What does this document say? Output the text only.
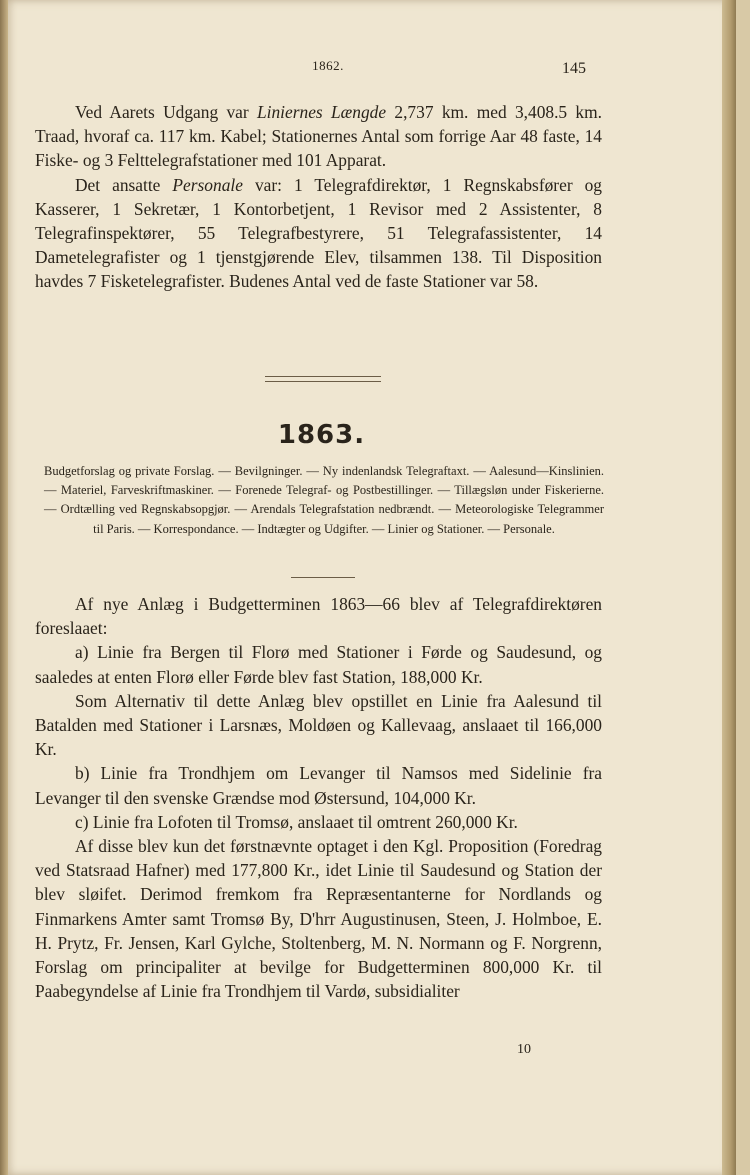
1862.	145

Ved Aarets Udgang var Liniernes Længde 2,737 km. med 3,408.5 km. Traad, hvoraf ca. 117 km. Kabel; Stationernes Antal som forrige Aar 48 faste, 14 Fiske- og 3 Felttelegrafstationer med 101 Apparat.

Det ansatte Personale var: 1 Telegrafdirektør, 1 Regnskabsfører og Kasserer, 1 Sekretær, 1 Kontorbetjent, 1 Revisor med 2 Assistenter, 8 Telegrafinspektører, 55 Telegrafbestyrere, 51 Telegrafassistenter, 14 Dametelegrafister og 1 tjenstgjørende Elev, tilsammen 138. Til Disposition havdes 7 Fisketelegrafister. Budenes Antal ved de faste Stationer var 58.

1863.
Budgetforslag og private Forslag. — Bevilgninger. — Ny indenlandsk Telegraftaxt. — Aalesund—Kinslinien. — Materiel, Farveskriftmaskiner. — Forenede Telegraf- og Postbestillinger. — Tillægsløn under Fiskerierne. — Ordtælling ved Regnskabsopgjør. — Arendals Telegrafstation nedbrændt. — Meteorologiske Telegrammer til Paris. — Korrespondance. — Indtægter og Udgifter. — Linier og Stationer. — Personale.

Af nye Anlæg i Budgetterminen 1863—66 blev af Telegrafdirektøren foreslaaet:

a) Linie fra Bergen til Florø med Stationer i Førde og Saudesund, og saaledes at enten Florø eller Førde blev fast Station, 188,000 Kr.

Som Alternativ til dette Anlæg blev opstillet en Linie fra Aalesund til Batalden med Stationer i Larsnæs, Moldøen og Kallevaag, anslaaet til 166,000 Kr.

b) Linie fra Trondhjem om Levanger til Namsos med Sidelinie fra Levanger til den svenske Grændse mod Østersund, 104,000 Kr.

c) Linie fra Lofoten til Tromsø, anslaaet til omtrent 260,000 Kr.

Af disse blev kun det førstnævnte optaget i den Kgl. Proposition (Foredrag ved Statsraad Hafner) med 177,800 Kr., idet Linie til Saudesund og Station der blev sløifet. Derimod fremkom fra Repræsentanterne for Nordlands og Finmarkens Amter samt Tromsø By, D'hrr Augustinusen, Steen, J. Holmboe, E. H. Prytz, Fr. Jensen, Karl Gylche, Stoltenberg, M. N. Normann og F. Norgrenn, Forslag om principaliter at bevilge for Budgetterminen 800,000 Kr. til Paabegyndelse af Linie fra Trondhjem til Vardø, subsidialiter

10
